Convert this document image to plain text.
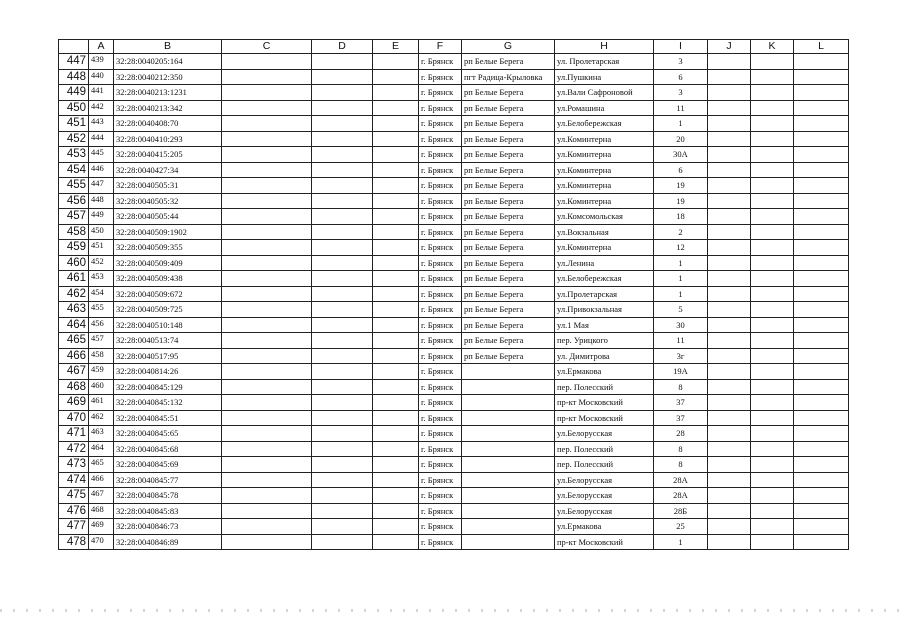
	A	B	C	D	E	F	G	H	I	J	K	L
447	439	32:28:0040205:164				г. Брянск	рп Белые Берега	ул. Пролетарская	3			
448	440	32:28:0040212:350				г. Брянск	пгт Радица-Крыловка	ул.Пушкина	6			
449	441	32:28:0040213:1231				г. Брянск	рп Белые Берега	ул.Вали Сафроновой	3			
450	442	32:28:0040213:342				г. Брянск	рп Белые Берега	ул.Ромашина	11			
451	443	32:28:0040408:70				г. Брянск	рп Белые Берега	ул.Белобережская	1			
452	444	32:28:0040410:293				г. Брянск	рп Белые Берега	ул.Коминтерна	20			
453	445	32:28:0040415:205				г. Брянск	рп Белые Берега	ул.Коминтерна	30А			
454	446	32:28:0040427:34				г. Брянск	рп Белые Берега	ул.Коминтерна	6			
455	447	32:28:0040505:31				г. Брянск	рп Белые Берега	ул.Коминтерна	19			
456	448	32:28:0040505:32				г. Брянск	рп Белые Берега	ул.Коминтерна	19			
457	449	32:28:0040505:44				г. Брянск	рп Белые Берега	ул.Комсомольская	18			
458	450	32:28:0040509:1902				г. Брянск	рп Белые Берега	ул.Вокзальная	2			
459	451	32:28:0040509:355				г. Брянск	рп Белые Берега	ул.Коминтерна	12			
460	452	32:28:0040509:409				г. Брянск	рп Белые Берега	ул.Ленина	1			
461	453	32:28:0040509:438				г. Брянск	рп Белые Берега	ул.Белобережская	1			
462	454	32:28:0040509:672				г. Брянск	рп Белые Берега	ул.Пролетарская	1			
463	455	32:28:0040509:725				г. Брянск	рп Белые Берега	ул.Привокзальная	5			
464	456	32:28:0040510:148				г. Брянск	рп Белые Берега	ул.1 Мая	30			
465	457	32:28:0040513:74				г. Брянск	рп Белые Берега	пер. Урицкого	11			
466	458	32:28:0040517:95				г. Брянск	рп Белые Берега	ул. Димитрова	3г			
467	459	32:28:0040814:26				г. Брянск		ул.Ермакова	19А			
468	460	32:28:0040845:129				г. Брянск		пер. Полесский	8			
469	461	32:28:0040845:132				г. Брянск		пр-кт Московский	37			
470	462	32:28:0040845:51				г. Брянск		пр-кт Московский	37			
471	463	32:28:0040845:65				г. Брянск		ул.Белорусская	28			
472	464	32:28:0040845:68				г. Брянск		пер. Полесский	8			
473	465	32:28:0040845:69				г. Брянск		пер. Полесский	8			
474	466	32:28:0040845:77				г. Брянск		ул.Белорусская	28А			
475	467	32:28:0040845:78				г. Брянск		ул.Белорусская	28А			
476	468	32:28:0040845:83				г. Брянск		ул.Белорусская	28Б			
477	469	32:28:0040846:73				г. Брянск		ул.Ермакова	25			
478	470	32:28:0040846:89				г. Брянск		пр-кт Московский	1			
